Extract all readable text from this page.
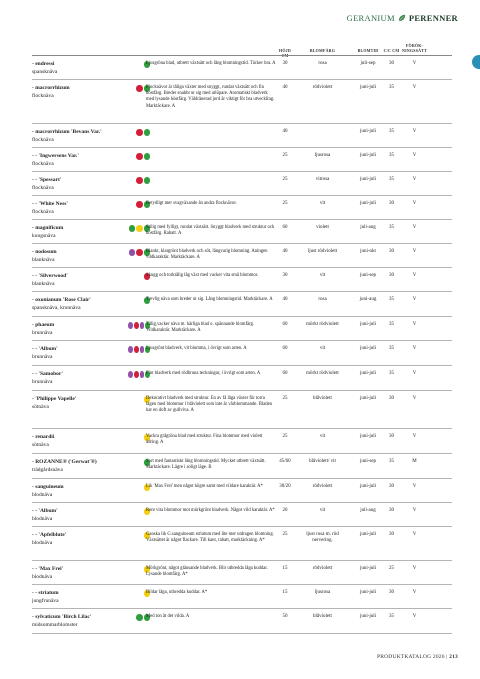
GERANIUM PERENNER
HÖJD	BLOMFÄRG	BLOMTID	C/C CM
FÖRÖK-
NINGSSÄTT
- endressi
spansknäva
Ljusgröna blad, utbrett växtsätt och lång blomningstid. Täcker bra. A	30	rosa	juli-sep	30	V
- macrorrhizum
flocknäva
Flocknävor är tåliga växter med snyggt, rundat växtsätt och fin höstfärg. Breder snabbt ut sig med utlöpare. Aromatiskt bladverk med lysande höstfärg. Väldränerad jord är viktigt för bra utveckling. Marktäckare. A
40	rödviolett	juni-juli	35	V
- macrorrhizum 'Bevans Var.'
flocknäva
40	juni-juli	35	V
- - 'Ingwersens Var.'
flocknäva
25	ljusrosa	juni-juli	35	V
- - 'Spessart'
flocknäva
25	vitrosa	juni-juli	35	V
- - 'White Ness'
flocknäva
Betydligt mer svagväxande än andra flocknävor.	25	vit	juni-juli	30	V
- magnificum
kungsnäva
Stilig med fylligt, rundat växtsätt. Snyggt bladverk med struktur och höstfärg. Rabatt. A
60	violett	juli-aug	35	V
- nodosum
blanknäva
Blankt, klargrönt bladverk och söt, långvarig blomning. Aningen vildkaraktär. Marktäckare. A
40	ljust rödviolett	juni-okt	30	V
- - 'Silverwood'
blanknäva
Skugg och torktålig låg växt med vacker vita små blommor.	30	vit	juni-sep	30	V
- oxonianum 'Rose Clair'
spansknäva, kronnäva
Trevlig näva som breder ut sig. Lång blomningstid. Marktäckare. A	40	rosa	juni-aug	35	V
- phaeum
brunnäva
Tålig,vacker näva m. härliga blad o. spännande blomfärg. Vildkaraktär. Marktäckare. A
60	mörkt rödviolett	juni-juli	35	V
- - 'Album'
brunnäva
Ljusgrönt bladverk, vit blomma, i övrigt som arten. A	60	vit	juni-juli	35	V
- - 'Samobor'
brunnäva
Fint bladverk med rödbruna teckningar, i övrigt som arten. A	60	mörkt rödviolett	juni-juli	35	V
- 'Philippe Vapelle'
sötnäva
Dekorativt bladverk med struktur. En av få låga växter för torra lägen med blommor i blåviolett som inte är vårblommande. Bladen har en doft av gullviva. A
25	blåviolett	juni-juli	30	V
- renardii
sötnäva
Vackra grågröna blad med struktur. Fina blommor med violett ådring. A
25	vit	juni-juli	30	V
- ROZANNE® ('Gerwat'®)
trädgårdsnäva
Sort med fantastiskt lång blomningstid. Mycket utbrett växtsätt. Marktäckare. Lägre i soligt läge. B
45/60	blåviolett/ vit	juni-sep	35	M
- sanguineum
blodnäva
Lik 'Max Frei' men något högre samt med vildare karaktär. A*	30/20	rödviolett	juni-juli	30	V
- - 'Album'
blodnäva
Rent vita blommor mot mörkgrönt bladverk. Något vild karaktär. A*	20	vit	juli-aug	30	V
- - 'Apfelblute'
blodnäva
Ganska lik G.sanguineum striatum med lite mer utdragen blomning. Växtsättet är något flackare. Till kant, rabatt, marktäckning. A*
25	ljust rosa m. röd nervering.
juni-juli	30	V
- - 'Max Frei'
blodnäva
Mörkgrönt, något glänsande bladverk. Blir utbredda låga kuddar. Lysande blomfärg. A*
15	rödviolett	juni-juli	25	V
- - striatum
jungfrunäva
Bildar låga, utbredda kuddar. A*	15	ljusrosa	juni-juli	30	V
- sylvaticum 'Birch Lilac'
midsommarblomster
Med ton åt det vilda. A	50	blåviolett	juni-juli	35	V
PRODUKTKATALOG 2026 | 213
